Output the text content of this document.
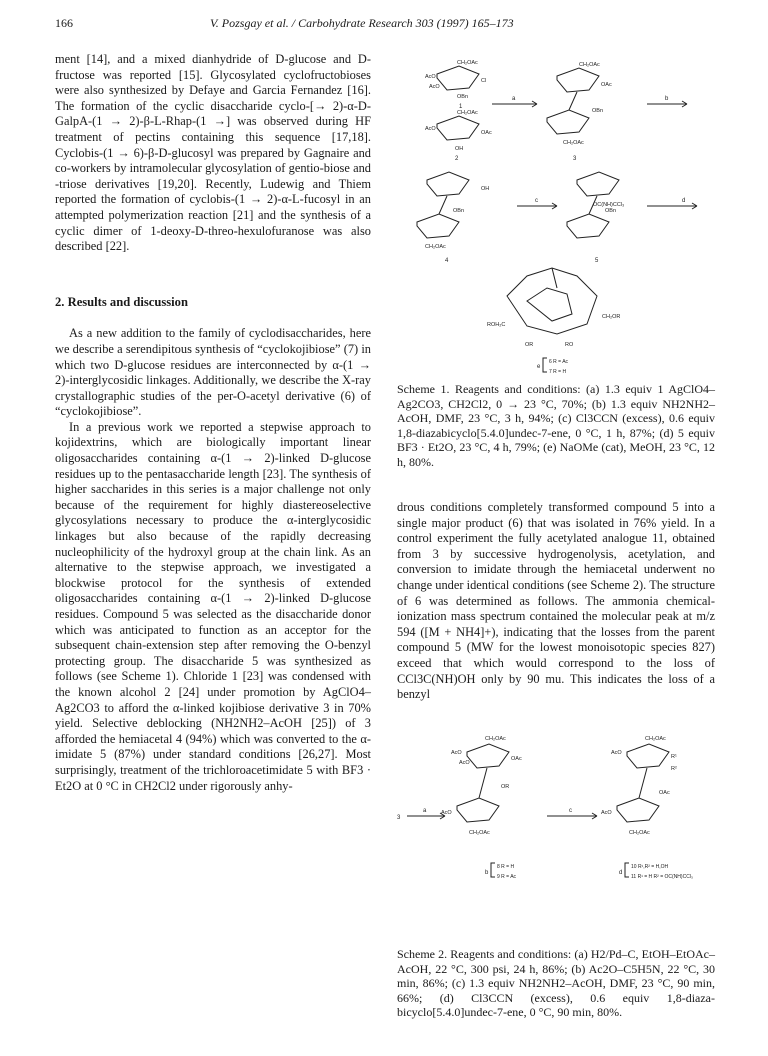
166	V. Pozsgay et al. / Carbohydrate Research 303 (1997) 165–173

ment [14], and a mixed dianhydride of D-glucose and D-fructose was reported [15]. Glycosylated cyclofructobioses were also synthesized by Defaye and Garcia Fernandez [16]. The formation of the cyclic disaccharide cyclo-[→ 2)-α-D-GalpA-(1 → 2)-β-L-Rhap-(1 →] was observed during HF treatment of pectins containing this sequence [17,18]. Cyclobis-(1 → 6)-β-D-glucosyl was prepared by Gagnaire and co-workers by intramolecular glycosylation of gentio-biose and -triose derivatives [19,20]. Recently, Ludewig and Thiem reported the formation of cyclobis-(1 → 2)-α-L-fucosyl in an attempted polymerization reaction [21] and the synthesis of a cyclic dimer of 1-deoxy-D-threo-hexulofuranose was also described [22].

2. Results and discussion

As a new addition to the family of cyclodisaccharides, here we describe a serendipitous synthesis of “cyclokojibiose” (7) in which two D-glucose residues are interconnected by α-(1 → 2)-interglycosidic linkages. Additionally, we describe the X-ray crystallographic studies of the per-O-acetyl derivative (6) of “cyclokojibiose”.

In a previous work we reported a stepwise approach to kojidextrins, which are biologically important linear oligosaccharides containing α-(1 → 2)-linked D-glucose residues up to the pentasaccharide length [23]. The synthesis of higher saccharides in this series is a major challenge not only because of the requirement for highly diastereoselective glycosylations necessary to produce the α-interglycosidic linkages but also because of the rapidly decreasing nucleophilicity of the hydroxyl group at the chain link. As an alternative to the stepwise approach, we investigated a blockwise protocol for the synthesis of extended oligosaccharides containing α-(1 → 2)-linked D-glucose residues. Compound 5 was selected as the disaccharide donor which was anticipated to function as an acceptor for the subsequent chain-extension step after removing the O-benzyl protecting group. The disaccharide 5 was synthesized as follows (see Scheme 1). Chloride 1 [23] was condensed with the known alcohol 2 [24] under promotion by AgClO4–Ag2CO3 to afford the α-linked kojibiose derivative 3 in 70% yield. Selective deblocking (NH2NH2–AcOH [25]) of 3 afforded the hemiacetal 4 (94%) which was converted to the α-imidate 5 (87%) under standard conditions [26,27]. Most surprisingly, treatment of the trichloroacetimidate 5 with BF3 · Et2O at 0 °C in CH2Cl2 under rigorously anhy-

CH₂OAc
AcO
AcO
Cl
OBn
CH₂OAc
AcO
OAc
OH
CH₂OAc
OAc
OBn
CH₂OAc
OC(NH)CCl₃
CH₂OAc
OH
OBn	OBn
ROH₂C
CH₂OR
OR	RO
1
2	3
4	5
a	b
c	d
e
6 R = Ac
7 R = H
Scheme 1. Reagents and conditions: (a) 1.3 equiv 1 AgClO4–Ag2CO3, CH2Cl2, 0 → 23 °C, 70%; (b) 1.3 equiv NH2NH2–AcOH, DMF, 23 °C, 3 h, 94%; (c) Cl3CCN (excess), 0.6 equiv 1,8-diazabicyclo[5.4.0]undec-7-ene, 0 °C, 1 h, 87%; (d) 5 equiv BF3 · Et2O, 23 °C, 4 h, 79%; (e) NaOMe (cat), MeOH, 23 °C, 12 h, 80%.

drous conditions completely transformed compound 5 into a single major product (6) that was isolated in 76% yield. In a control experiment the fully acetylated analogue 11, obtained from 3 by successive hydrogenolysis, acetylation, and conversion to imidate through the hemiacetal underwent no change under identical conditions (see Scheme 2). The structure of 6 was determined as follows. The ammonia chemical-ionization mass spectrum contained the molecular peak at m/z 594 ([M + NH4]+), indicating that the losses from the parent compound 5 (MW for the lowest monoisotopic species 827) exceed that which would correspond to the loss of CCl3C(NH)OH only by 90 mu. This indicates the loss of a benzyl

CH₂OAc
AcO
AcO
OAc
OR
AcO
CH₂OAc
CH₂OAc
AcO
R¹
R²
OAc
AcO
CH₂OAc
3
a	c
b	d
8 R = H
9 R = Ac
10 R¹,R² = H,OH
11 R¹ = H R² = OC(NH)CCl₃
Scheme 2. Reagents and conditions: (a) H2/Pd–C, EtOH–EtOAc–AcOH, 22 °C, 300 psi, 24 h, 86%; (b) Ac2O–C5H5N, 22 °C, 30 min, 86%; (c) 1.3 equiv NH2NH2–AcOH, DMF, 23 °C, 90 min, 66%; (d) Cl3CCN (excess), 0.6 equiv 1,8-diaza-bicyclo[5.4.0]undec-7-ene, 0 °C, 90 min, 80%.
